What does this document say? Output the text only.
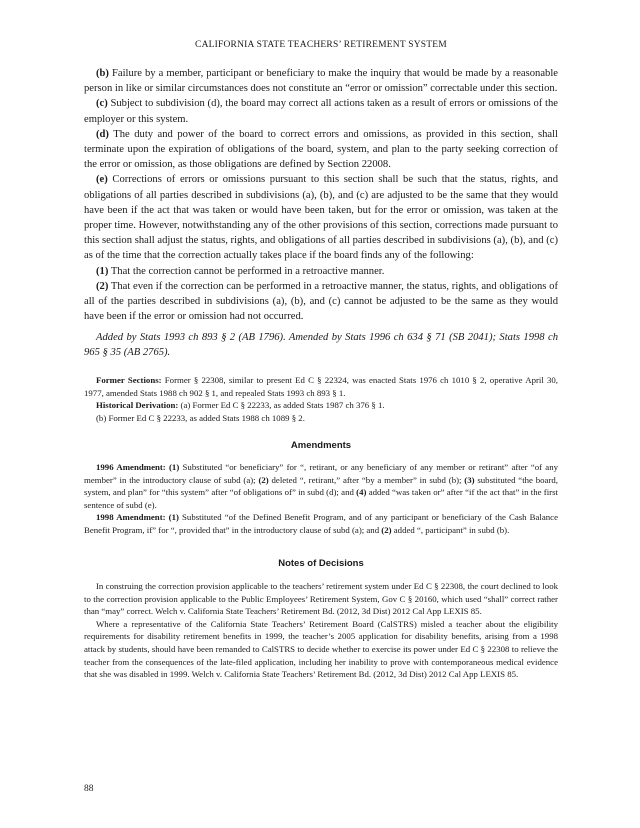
CALIFORNIA STATE TEACHERS’ RETIREMENT SYSTEM

(b) Failure by a member, participant or beneficiary to make the inquiry that would be made by a reasonable person in like or similar circumstances does not constitute an “error or omission” correctable under this section.

(c) Subject to subdivision (d), the board may correct all actions taken as a result of errors or omissions of the employer or this system.

(d) The duty and power of the board to correct errors and omissions, as provided in this section, shall terminate upon the expiration of obligations of the board, system, and plan to the party seeking correction of the error or omission, as those obligations are defined by Section 22008.

(e) Corrections of errors or omissions pursuant to this section shall be such that the status, rights, and obligations of all parties described in subdivisions (a), (b), and (c) are adjusted to be the same that they would have been if the act that was taken or would have been taken, but for the error or omission, was taken at the proper time. However, notwithstanding any of the other provisions of this section, corrections made pursuant to this section shall adjust the status, rights, and obligations of all parties described in subdivisions (a), (b), and (c) as of the time that the correction actually takes place if the board finds any of the following:

(1) That the correction cannot be performed in a retroactive manner.

(2) That even if the correction can be performed in a retroactive manner, the status, rights, and obligations of all of the parties described in subdivisions (a), (b), and (c) cannot be adjusted to be the same as they would have been if the error or omission had not occurred.

Added by Stats 1993 ch 893 § 2 (AB 1796). Amended by Stats 1996 ch 634 § 71 (SB 2041); Stats 1998 ch 965 § 35 (AB 2765).

Former Sections: Former § 22308, similar to present Ed C § 22324, was enacted Stats 1976 ch 1010 § 2, operative April 30, 1977, amended Stats 1988 ch 902 § 1, and repealed Stats 1993 ch 893 § 1.

Historical Derivation: (a) Former Ed C § 22233, as added Stats 1987 ch 376 § 1.

(b) Former Ed C § 22233, as added Stats 1988 ch 1089 § 2.

Amendments

1996 Amendment: (1) Substituted “or beneficiary” for “, retirant, or any beneficiary of any member or retirant” after “of any member” in the introductory clause of subd (a); (2) deleted “, retirant,” after “by a member” in subd (b); (3) substituted “the board, system, and plan” for “this system” after “of obligations of” in subd (d); and (4) added “was taken or” after “if the act that” in the first sentence of subd (e).

1998 Amendment: (1) Substituted “of the Defined Benefit Program, and of any participant or beneficiary of the Cash Balance Benefit Program, if” for “, provided that” in the introductory clause of subd (a); and (2) added “, participant” in subd (b).

Notes of Decisions

In construing the correction provision applicable to the teachers’ retirement system under Ed C § 22308, the court declined to look to the correction provision applicable to the Public Employees’ Retirement System, Gov C § 20160, which used “shall” correct rather than “may” correct. Welch v. California State Teachers’ Retirement Bd. (2012, 3d Dist) 2012 Cal App LEXIS 85.

Where a representative of the California State Teachers’ Retirement Board (CalSTRS) misled a teacher about the eligibility requirements for disability retirement benefits in 1999, the teacher’s 2005 application for disability benefits, arising from a 1998 attack by students, should have been remanded to CalSTRS to decide whether to exercise its power under Ed C § 22308 to relieve the teacher from the consequences of the late-filed application, including her inability to prove with contemporaneous medical evidence that she was disabled in 1999. Welch v. California State Teachers’ Retirement Bd. (2012, 3d Dist) 2012 Cal App LEXIS 85.

88
